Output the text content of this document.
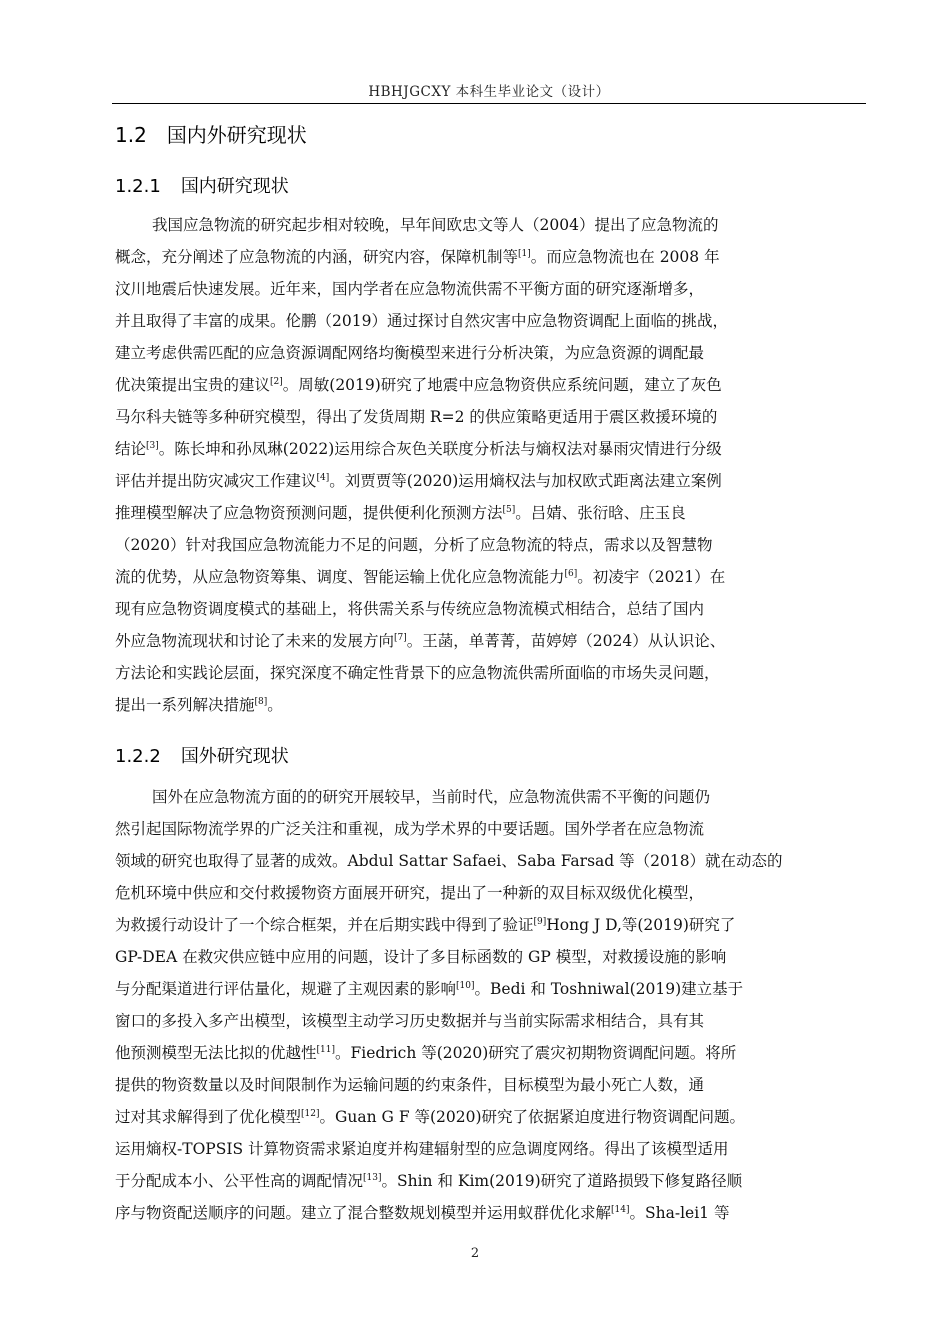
HBHJGCXY 本科生毕业论文（设计）
1.2 国内外研究现状
1.2.1 国内研究现状
我国应急物流的研究起步相对较晚，早年间欧忠文等人（2004）提出了应急物流的
概念，充分阐述了应急物流的内涵，研究内容，保障机制等[1]。而应急物流也在 2008 年
汶川地震后快速发展。近年来，国内学者在应急物流供需不平衡方面的研究逐渐增多，
并且取得了丰富的成果。伦鹏（2019）通过探讨自然灾害中应急物资调配上面临的挑战，
建立考虑供需匹配的应急资源调配网络均衡模型来进行分析决策，为应急资源的调配最
优决策提出宝贵的建议[2]。周敏(2019)研究了地震中应急物资供应系统问题，建立了灰色
马尔科夫链等多种研究模型，得出了发货周期 R=2 的供应策略更适用于震区救援环境的
结论[3]。陈长坤和孙凤琳(2022)运用综合灰色关联度分析法与熵权法对暴雨灾情进行分级
评估并提出防灾减灾工作建议[4]。刘贾贾等(2020)运用熵权法与加权欧式距离法建立案例
推理模型解决了应急物资预测问题，提供便利化预测方法[5]。吕婧、张衍晗、庄玉良
（2020）针对我国应急物流能力不足的问题，分析了应急物流的特点，需求以及智慧物
流的优势，从应急物资筹集、调度、智能运输上优化应急物流能力[6]。初凌宇（2021）在
现有应急物资调度模式的基础上，将供需关系与传统应急物流模式相结合，总结了国内
外应急物流现状和讨论了未来的发展方向[7]。王菡，单菁菁，苗婷婷（2024）从认识论、
方法论和实践论层面，探究深度不确定性背景下的应急物流供需所面临的市场失灵问题，
提出一系列解决措施[8]。
1.2.2 国外研究现状
国外在应急物流方面的的研究开展较早，当前时代，应急物流供需不平衡的问题仍
然引起国际物流学界的广泛关注和重视，成为学术界的中要话题。国外学者在应急物流
领域的研究也取得了显著的成效。Abdul Sattar Safaei、Saba Farsad 等（2018）就在动态的
危机环境中供应和交付救援物资方面展开研究，提出了一种新的双目标双级优化模型，
为救援行动设计了一个综合框架，并在后期实践中得到了验证[9]Hong J D,等(2019)研究了
GP-DEA 在救灾供应链中应用的问题，设计了多目标函数的 GP 模型，对救援设施的影响
与分配渠道进行评估量化，规避了主观因素的影响[10]。Bedi 和 Toshniwal(2019)建立基于
窗口的多投入多产出模型，该模型主动学习历史数据并与当前实际需求相结合，具有其
他预测模型无法比拟的优越性[11]。Fiedrich 等(2020)研究了震灾初期物资调配问题。将所
提供的物资数量以及时间限制作为运输问题的约束条件，目标模型为最小死亡人数，通
过对其求解得到了优化模型[12]。Guan G F 等(2020)研究了依据紧迫度进行物资调配问题。
运用熵权-TOPSIS 计算物资需求紧迫度并构建辐射型的应急调度网络。得出了该模型适用
于分配成本小、公平性高的调配情况[13]。Shin 和 Kim(2019)研究了道路损毁下修复路径顺
序与物资配送顺序的问题。建立了混合整数规划模型并运用蚁群优化求解[14]。Sha-lei1 等
2
